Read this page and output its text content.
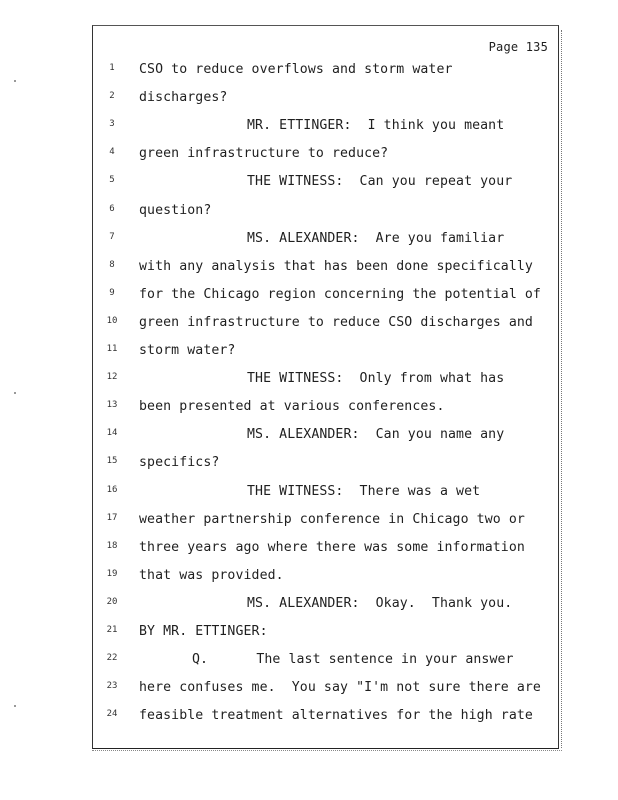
Page 135
1	CSO to reduce overflows and storm water
2	discharges?
3	MR. ETTINGER:  I think you meant
4	green infrastructure to reduce?
5	THE WITNESS:  Can you repeat your
6	question?
7	MS. ALEXANDER:  Are you familiar
8	with any analysis that has been done specifically
9	for the Chicago region concerning the potential of
10	green infrastructure to reduce CSO discharges and
11	storm water?
12	THE WITNESS:  Only from what has
13	been presented at various conferences.
14	MS. ALEXANDER:  Can you name any
15	specifics?
16	THE WITNESS:  There was a wet
17	weather partnership conference in Chicago two or
18	three years ago where there was some information
19	that was provided.
20	MS. ALEXANDER:  Okay.  Thank you.
21	BY MR. ETTINGER:
22	Q.      The last sentence in your answer
23	here confuses me.  You say "I'm not sure there are
24	feasible treatment alternatives for the high rate
